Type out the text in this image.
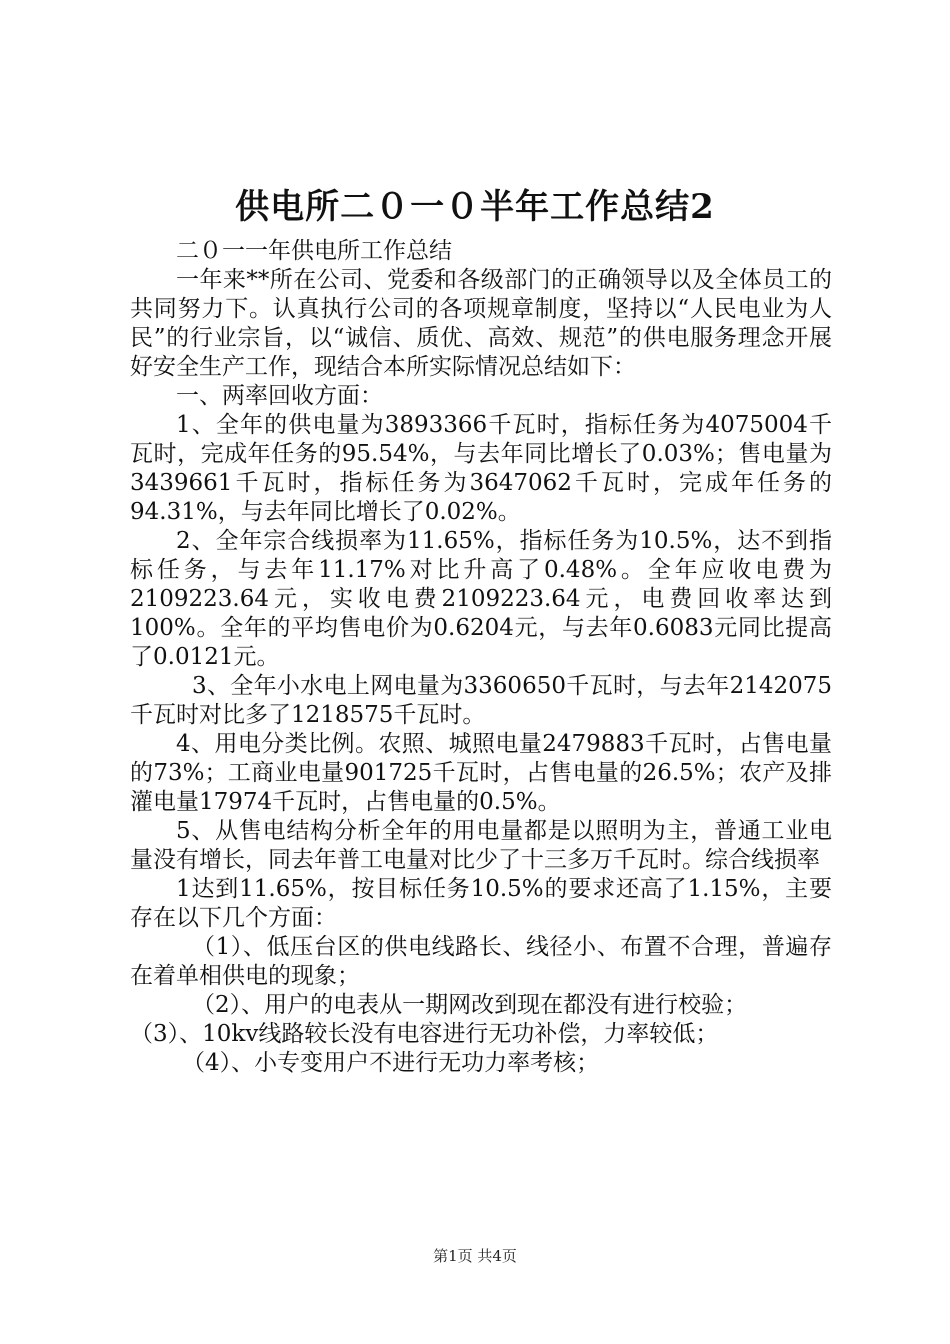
供电所二０一０半年工作总结2

二０一一年供电所工作总结

一年来**所在公司、党委和各级部门的正确领导以及全体员工的共同努力下。认真执行公司的各项规章制度，坚持以“人民电业为人民”的行业宗旨，以“诚信、质优、高效、规范”的供电服务理念开展好安全生产工作，现结合本所实际情况总结如下：

一、两率回收方面：

1、全年的供电量为3893366千瓦时，指标任务为4075004千瓦时，完成年任务的95.54%，与去年同比增长了0.03%；售电量为3439661千瓦时，指标任务为3647062千瓦时，完成年任务的94.31%，与去年同比增长了0.02%。

2、全年宗合线损率为11.65%，指标任务为10.5%，达不到指标任务，与去年11.17%对比升高了0.48%。全年应收电费为2109223.64元，实收电费2109223.64元，电费回收率达到100%。全年的平均售电价为0.6204元，与去年0.6083元同比提高了0.0121元。

3、全年小水电上网电量为3360650千瓦时，与去年2142075千瓦时对比多了1218575千瓦时。

4、用电分类比例。农照、城照电量2479883千瓦时，占售电量的73%；工商业电量901725千瓦时，占售电量的26.5%；农产及排灌电量17974千瓦时，占售电量的0.5%。

5、从售电结构分析全年的用电量都是以照明为主，普通工业电量没有增长，同去年普工电量对比少了十三多万千瓦时。综合线损率

1达到11.65%，按目标任务10.5%的要求还高了1.15%，主要存在以下几个方面：

（1）、低压台区的供电线路长、线径小、布置不合理，普遍存在着单相供电的现象；

（2）、用户的电表从一期网改到现在都没有进行校验；

（3）、10kv线路较长没有电容进行无功补偿，力率较低；

（4）、小专变用户不进行无功力率考核；

第1页 共4页
